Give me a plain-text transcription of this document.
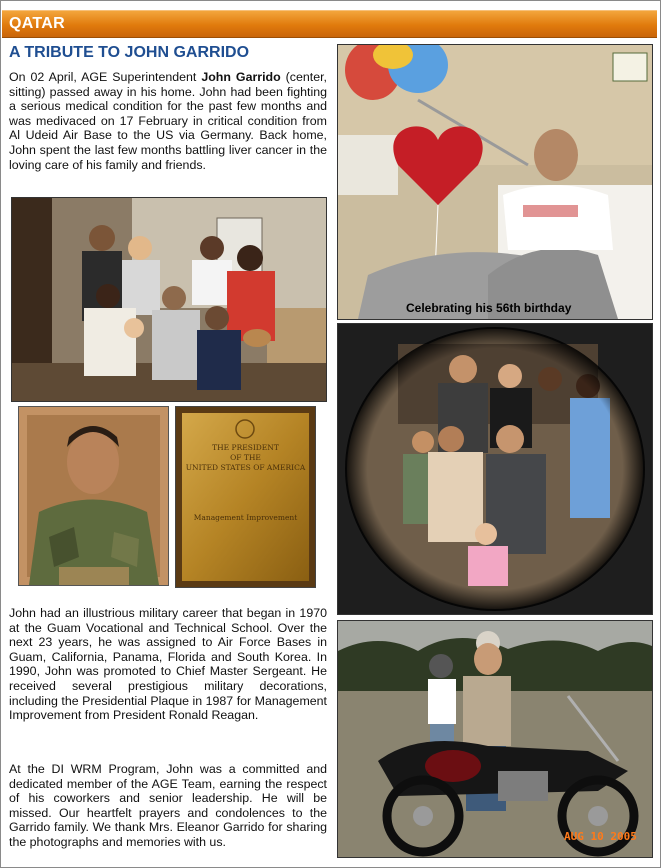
QATAR
A TRIBUTE TO JOHN GARRIDO
On 02 April, AGE Superintendent John Garrido (center, sitting) passed away in his home. John had been fighting a serious medical condition for the past few months and was medivaced on 17 February in critical condition from Al Udeid Air Base to the US via Germany. Back home, John spent the last few months battling liver cancer in the loving care of his family and friends.
THE PRESIDENT
OF THE
UNITED STATES OF AMERICA
Management Improvement
John had an illustrious military career that began in 1970 at the Guam Vocational and Technical School. Over the next 23 years, he was assigned to Air Force Bases in Guam, California, Panama, Florida and South Korea. In 1990, John was promoted to Chief Master Sergeant. He received several prestigious military decorations, including the Presidential Plaque in 1987 for Management Improvement from President Ronald Reagan.
At the DI WRM Program, John was a committed and dedicated member of the AGE Team, earning the respect of his coworkers and senior leadership. He will be missed. Our heartfelt prayers and condolences to the Garrido family. We thank Mrs. Eleanor Garrido for sharing the photographs and memories with us.
Celebrating his 56th birthday
AUG 10 2005
